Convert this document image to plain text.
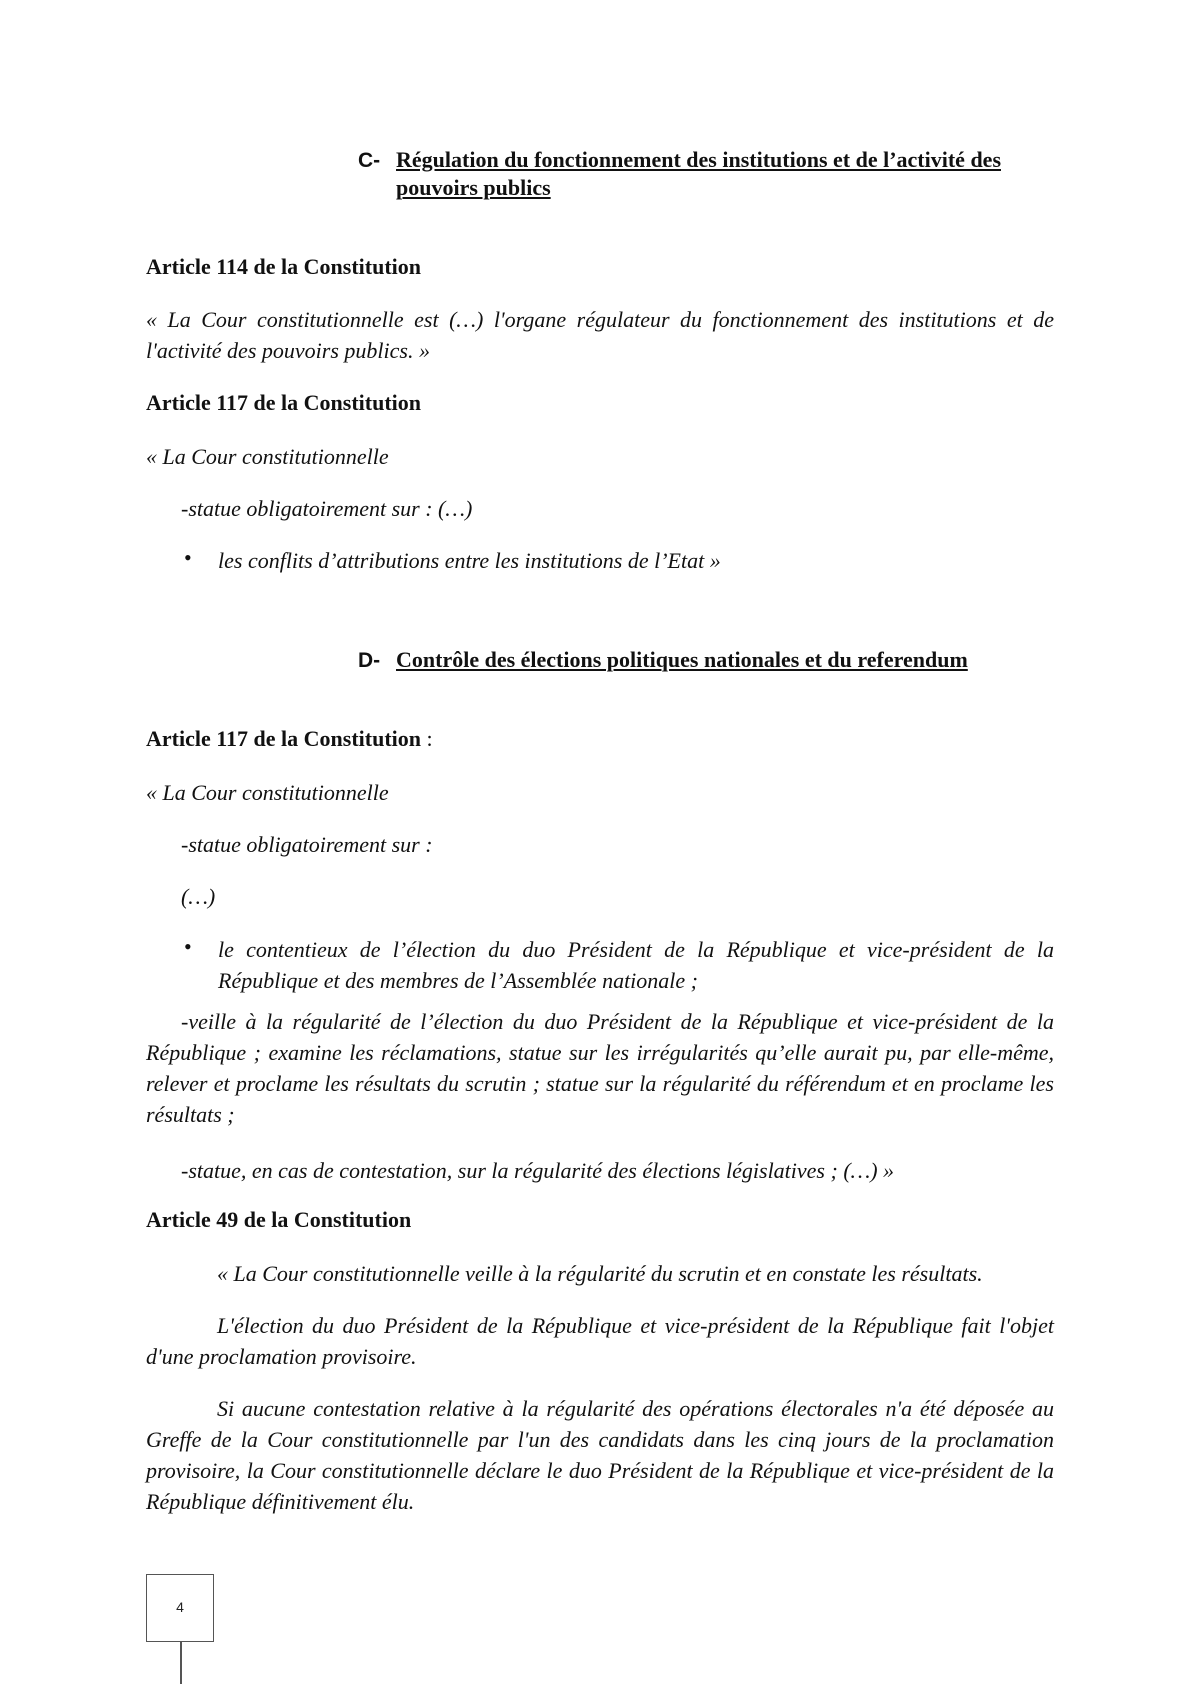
C- Régulation du fonctionnement des institutions et de l’activité des pouvoirs publics
Article 114 de la Constitution
« La Cour constitutionnelle est (…) l'organe régulateur du fonctionnement des institutions et de l'activité des pouvoirs publics. »
Article 117 de la Constitution
« La Cour constitutionnelle
-statue obligatoirement sur : (…)
• les conflits d’attributions entre les institutions de l’Etat »
D- Contrôle des élections politiques nationales et du referendum
Article 117 de la Constitution :
« La Cour constitutionnelle
-statue obligatoirement sur :
(…)
• le contentieux de l’élection du duo Président de la République et vice-président de la République et des membres de l’Assemblée nationale ;
-veille à la régularité de l’élection du duo Président de la République et vice-président de la République ; examine les réclamations, statue sur les irrégularités qu’elle aurait pu, par elle-même, relever et proclame les résultats du scrutin ; statue sur la régularité du référendum et en proclame les résultats ;
-statue, en cas de contestation, sur la régularité des élections législatives ; (…) »
Article 49 de la Constitution
« La Cour constitutionnelle veille à la régularité du scrutin et en constate les résultats.
L'élection du duo Président de la République et vice-président de la République fait l'objet d'une proclamation provisoire.
Si aucune contestation relative à la régularité des opérations électorales n'a été déposée au Greffe de la Cour constitutionnelle par l'un des candidats dans les cinq jours de la proclamation provisoire, la Cour constitutionnelle déclare le duo Président de la République et vice-président de la République définitivement élu.
4
